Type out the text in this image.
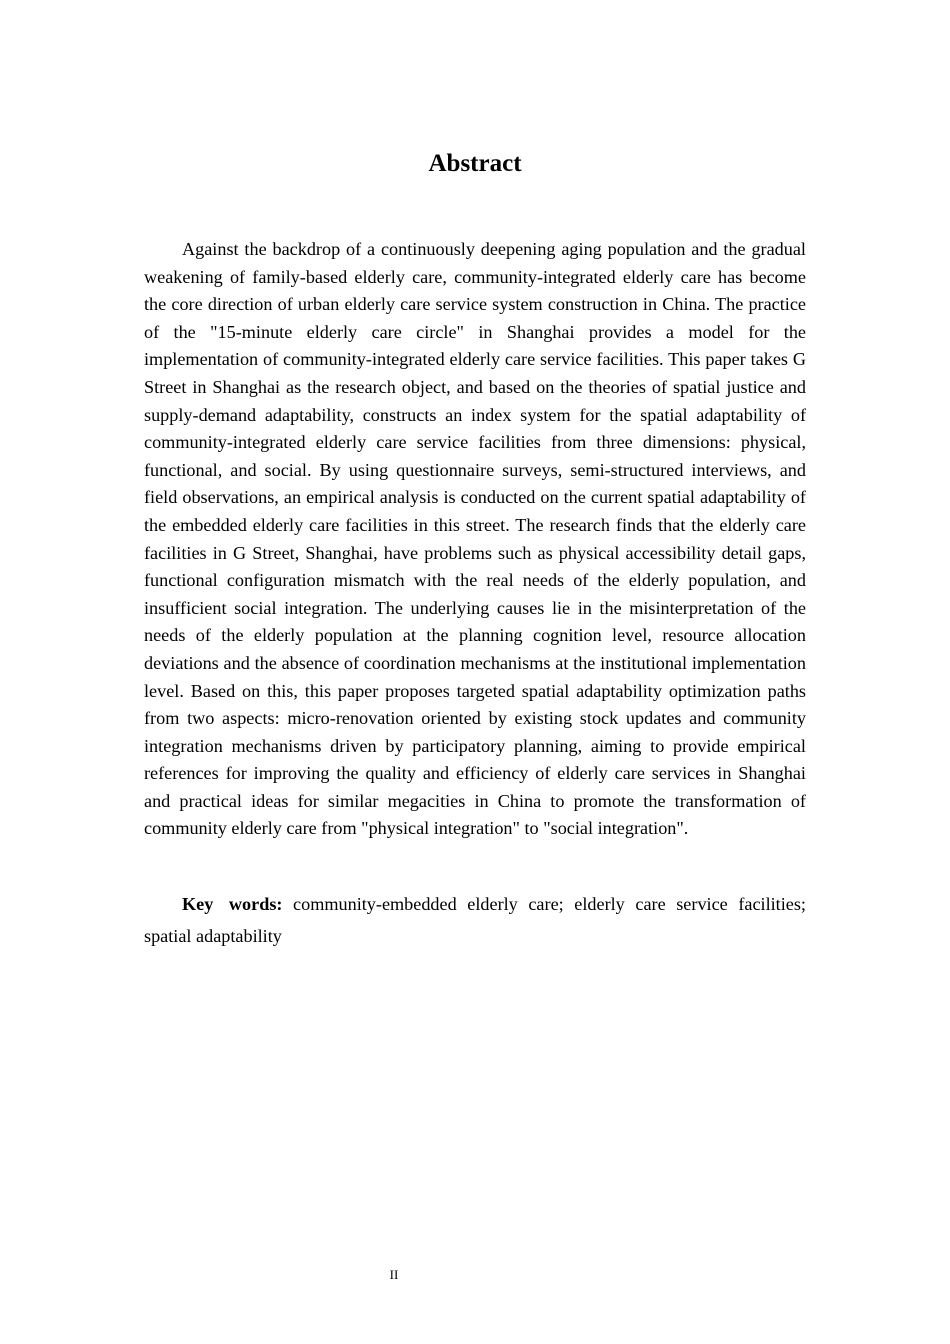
Abstract

Against the backdrop of a continuously deepening aging population and the gradual weakening of family-based elderly care, community-integrated elderly care has become the core direction of urban elderly care service system construction in China. The practice of the "15-minute elderly care circle" in Shanghai provides a model for the implementation of community-integrated elderly care service facilities. This paper takes G Street in Shanghai as the research object, and based on the theories of spatial justice and supply-demand adaptability, constructs an index system for the spatial adaptability of community-integrated elderly care service facilities from three dimensions: physical, functional, and social. By using questionnaire surveys, semi-structured interviews, and field observations, an empirical analysis is conducted on the current spatial adaptability of the embedded elderly care facilities in this street. The research finds that the elderly care facilities in G Street, Shanghai, have problems such as physical accessibility detail gaps, functional configuration mismatch with the real needs of the elderly population, and insufficient social integration. The underlying causes lie in the misinterpretation of the needs of the elderly population at the planning cognition level, resource allocation deviations and the absence of coordination mechanisms at the institutional implementation level. Based on this, this paper proposes targeted spatial adaptability optimization paths from two aspects: micro-renovation oriented by existing stock updates and community integration mechanisms driven by participatory planning, aiming to provide empirical references for improving the quality and efficiency of elderly care services in Shanghai and practical ideas for similar megacities in China to promote the transformation of community elderly care from "physical integration" to "social integration".

Key words: community-embedded elderly care; elderly care service facilities; spatial adaptability

II
